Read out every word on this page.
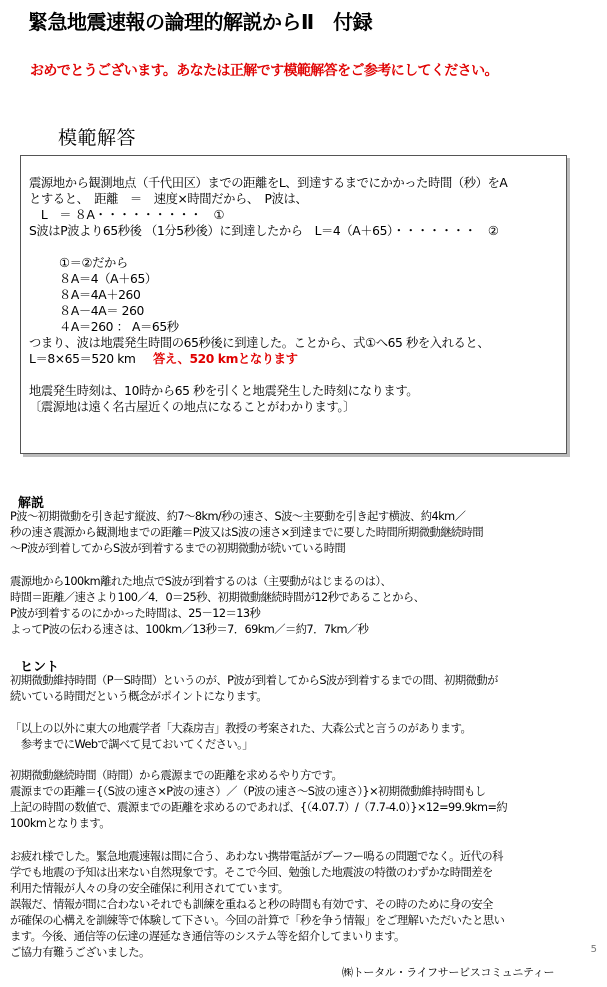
緊急地震速報の論理的解説からⅡ　付録
おめでとうございます。あなたは正解です模範解答をご参考にしてください。
模範解答
震源地から観測地点（千代田区）までの距離をL、到達するまでにかかった時間（秒）をA
とすると、　距離　＝　速度×時間だから、　P波は、
　L　＝ ８A・・・・・・・・・　①
S波はP波より65秒後 （1分5秒後）に到達したから　L＝4（A＋65）・・・・・・・　②
①＝②だから
８A＝4（A＋65）
８A＝4A＋260
８A－4A＝ 260
４A＝260 ： A＝65秒
つまり、波は地震発生時間の65秒後に到達した。ことから、式①へ65 秒を入れると、
L＝8×65＝520 km 答え、520 kmとなります
地震発生時刻は、10時から65 秒を引くと地震発生した時刻になります。
〔震源地は遠く名古屋近くの地点になることがわかります。〕
解説
P波～初期微動を引き起す縦波、約7～8km/秒の速さ、S波～主要動を引き起す横波、約4km／
秒の速さ震源から観測地までの距離＝P波又はS波の速さ×到達までに要した時間所期微動継続時間
～P波が到着してからS波が到着するまでの初期微動が続いている時間
震源地から100km離れた地点でS波が到着するのは（主要動がはじまるのは）、
時間＝距離／速さより100／4．0＝25秒、初期微動継続時間が12秒であることから、
P波が到着するのにかかった時間は、25－12＝13秒
よってP波の伝わる速さは、100km／13秒＝7．69km／＝約7．7km／秒
ヒント
初期微動維持時間（P－S時間）というのが、P波が到着してからS波が到着するまでの間、初期微動が
続いている時間だという概念がポイントになります。
「以上の以外に東大の地震学者「大森房吉」教授の考案された、大森公式と言うのがあります。
　参考までにWebで調べて見ておいてください。」
初期微動継続時間（時間）から震源までの距離を求めるやり方です。
震源までの距離＝{（S波の速さ×P波の速さ）／（P波の速さ～S波の速さ）}×初期微動維持時間もし
上記の時間の数値で、震源までの距離を求めるのであれば、{（4.07.7）/（7.7-4.0）}×12=99.9km=約
100kmとなります。
お疲れ様でした。緊急地震速報は間に合う、あわない携帯電話がブーフー鳴るの問題でなく。近代の科
学でも地震の予知は出来ない自然現象です。そこで今回、勉強した地震波の特徴のわずかな時間差を
利用た情報が人々の身の安全確保に利用されてています。
誤報だ、情報が間に合わないそれでも訓練を重ねると秒の時間も有効です、その時のために身の安全
が確保の心構えを訓練等で体験して下さい。今回の計算で「秒を争う情報」をご理解いただいたと思い
ます。今後、通信等の伝達の遅延なき通信等のシステム等を紹介してまいります。
ご協力有難うございました。	5
㈱トータル・ライフサービスコミュニティー
